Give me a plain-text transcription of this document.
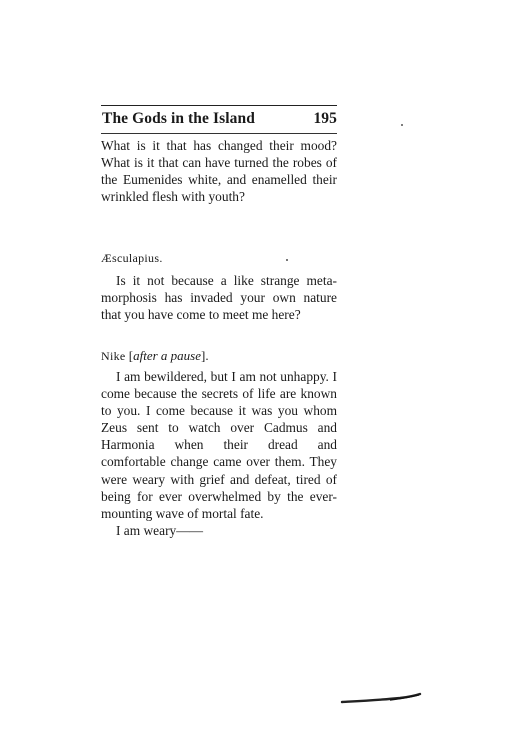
The Gods in the Island	195
What is it that has changed their mood? What is it that can have turned the robes of the Eumenides white, and enamelled their wrinkled flesh with youth?
Æsculapius.
Is it not because a like strange meta-morphosis has invaded your own nature that you have come to meet me here?
Nike [after a pause].
I am bewildered, but I am not unhappy. I come because the secrets of life are known to you. I come because it was you whom Zeus sent to watch over Cadmus and Harmonia when their dread and comfortable change came over them. They were weary with grief and defeat, tired of being for ever overwhelmed by the ever-mounting wave of mortal fate.
I am weary——
